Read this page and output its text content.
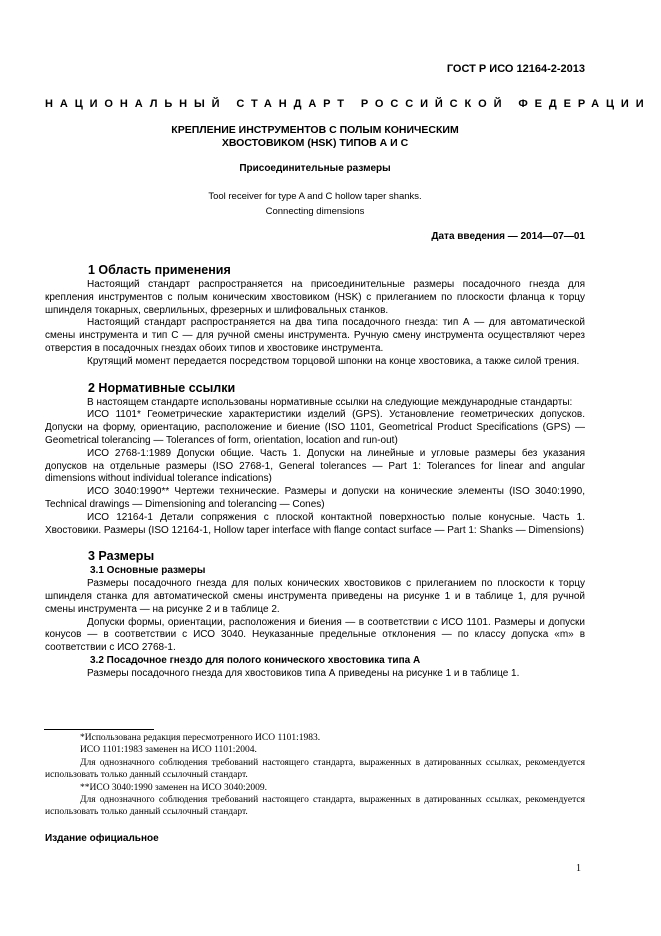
ГОСТ Р ИСО 12164-2-2013
НАЦИОНАЛЬНЫЙ СТАНДАРТ РОССИЙСКОЙ ФЕДЕРАЦИИ
КРЕПЛЕНИЕ ИНСТРУМЕНТОВ С ПОЛЫМ КОНИЧЕСКИМ
ХВОСТОВИКОМ (HSK) ТИПОВ А И С
Присоединительные размеры
Tool receiver for type A and C hollow taper shanks.
Connecting dimensions
Дата введения — 2014—07—01
1 Область применения

Настоящий стандарт распространяется на присоединительные размеры посадочного гнезда для крепления инструментов с полым коническим хвостовиком (HSK) с прилеганием по плоскости фланца к торцу шпинделя токарных, сверлильных, фрезерных и шлифовальных станков.

Настоящий стандарт распространяется на два типа посадочного гнезда: тип А — для автоматической смены инструмента и тип С — для ручной смены инструмента. Ручную смену инструмента осуществляют через отверстия в посадочных гнездах обоих типов и хвостовике инструмента.

Крутящий момент передается посредством торцовой шпонки на конце хвостовика, а также силой трения.

2 Нормативные ссылки

В настоящем стандарте использованы нормативные ссылки на следующие международные стандарты:

ИСО 1101* Геометрические характеристики изделий (GPS). Установление геометрических допусков. Допуски на форму, ориентацию, расположение и биение (ISO 1101, Geometrical Product Specifications (GPS) — Geometrical tolerancing — Tolerances of form, orientation, location and run-out)

ИСО 2768-1:1989 Допуски общие. Часть 1. Допуски на линейные и угловые размеры без указания допусков на отдельные размеры (ISO 2768-1, General tolerances — Part 1: Tolerances for linear and angular dimensions without individual tolerance indications)

ИСО 3040:1990** Чертежи технические. Размеры и допуски на конические элементы (ISO 3040:1990, Technical drawings — Dimensioning and tolerancing — Cones)

ИСО 12164-1 Детали сопряжения с плоской контактной поверхностью полые конусные. Часть 1. Хвостовики. Размеры (ISO 12164-1, Hollow taper interface with flange contact surface — Part 1: Shanks — Dimensions)

3 Размеры
3.1 Основные размеры

Размеры посадочного гнезда для полых конических хвостовиков с прилеганием по плоскости к торцу шпинделя станка для автоматической смены инструмента приведены на рисунке 1 и в таблице 1, для ручной смены инструмента — на рисунке 2 и в таблице 2.

Допуски формы, ориентации, расположения и биения — в соответствии с ИСО 1101. Размеры и допуски конусов — в соответствии с ИСО 3040. Неуказанные предельные отклонения — по классу допуска «m» в соответствии с ИСО 2768-1.

3.2 Посадочное гнездо для полого конического хвостовика типа А

Размеры посадочного гнезда для хвостовиков типа А приведены на рисунке 1 и в таблице 1.

*Использована редакция пересмотренного ИСО 1101:1983.

ИСО 1101:1983 заменен на ИСО 1101:2004.

Для однозначного соблюдения требований настоящего стандарта, выраженных в датированных ссылках, рекомендуется использовать только данный ссылочный стандарт.

**ИСО 3040:1990 заменен на ИСО 3040:2009.

Для однозначного соблюдения требований настоящего стандарта, выраженных в датированных ссылках, рекомендуется использовать только данный ссылочный стандарт.

Издание официальное
1
